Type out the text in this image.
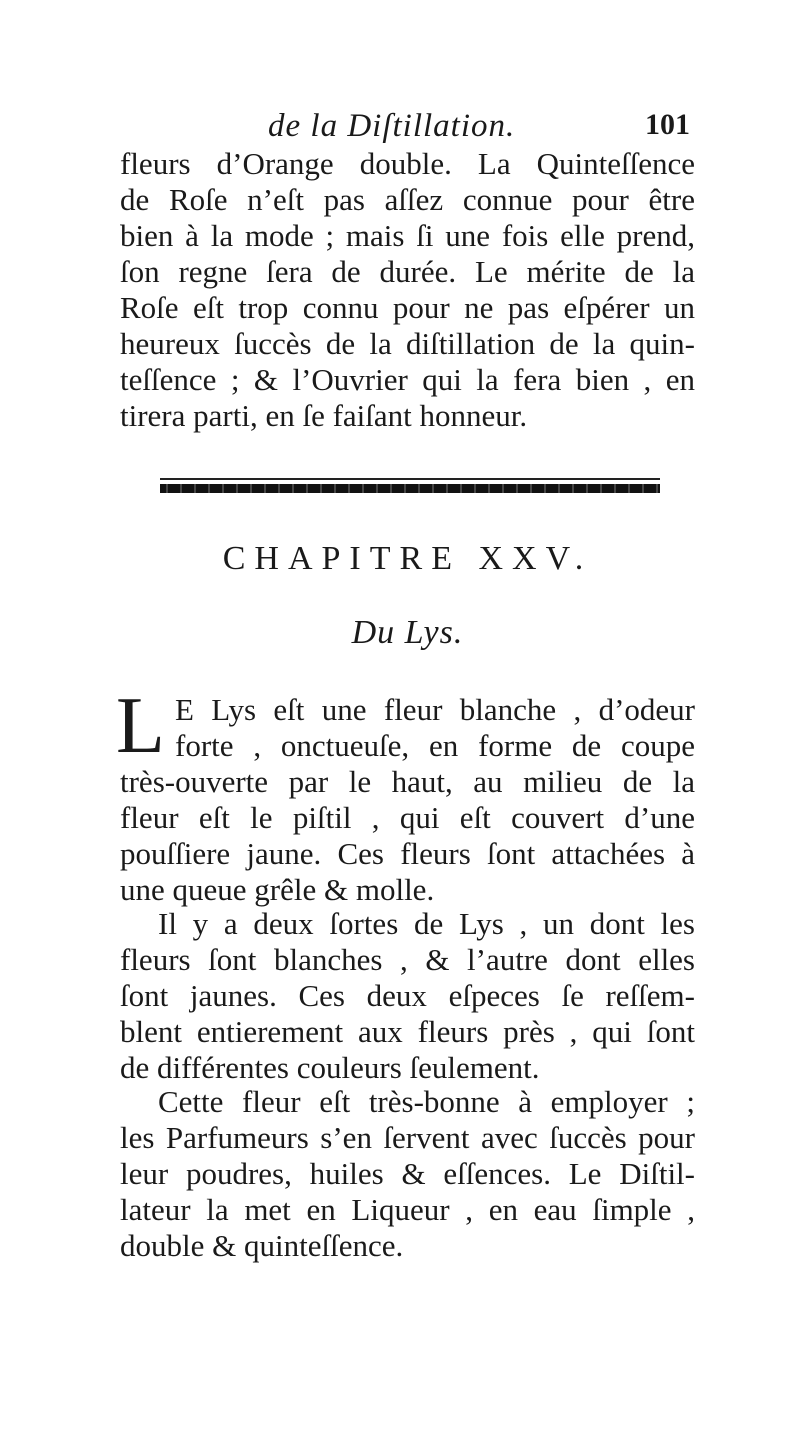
de la Diſtillation.	101
fleurs d’Orange double. La Quinteſſence
de Roſe n’eſt pas aſſez connue pour être
bien à la mode ; mais ſi une fois elle prend,
ſon regne ſera de durée. Le mérite de la
Roſe eſt trop connu pour ne pas eſpérer un
heureux ſuccès de la diſtillation de la quin-
teſſence ; & l’Ouvrier qui la fera bien , en
tirera parti, en ſe faiſant honneur.
CHAPITRE XXV.
Du Lys.
L E Lys eſt une fleur blanche , d’odeur
forte , onctueuſe, en forme de coupe
très-ouverte par le haut, au milieu de la
fleur eſt le piſtil , qui eſt couvert d’une
pouſſiere jaune. Ces fleurs ſont attachées à
une queue grêle & molle.
Il y a deux ſortes de Lys , un dont les
fleurs ſont blanches , & l’autre dont elles
ſont jaunes. Ces deux eſpeces ſe reſſem-
blent entierement aux fleurs près , qui ſont
de différentes couleurs ſeulement.
Cette fleur eſt très-bonne à employer ;
les Parfumeurs s’en ſervent avec ſuccès pour
leur poudres, huiles & eſſences. Le Diſtil-
lateur la met en Liqueur , en eau ſimple ,
double & quinteſſence.
